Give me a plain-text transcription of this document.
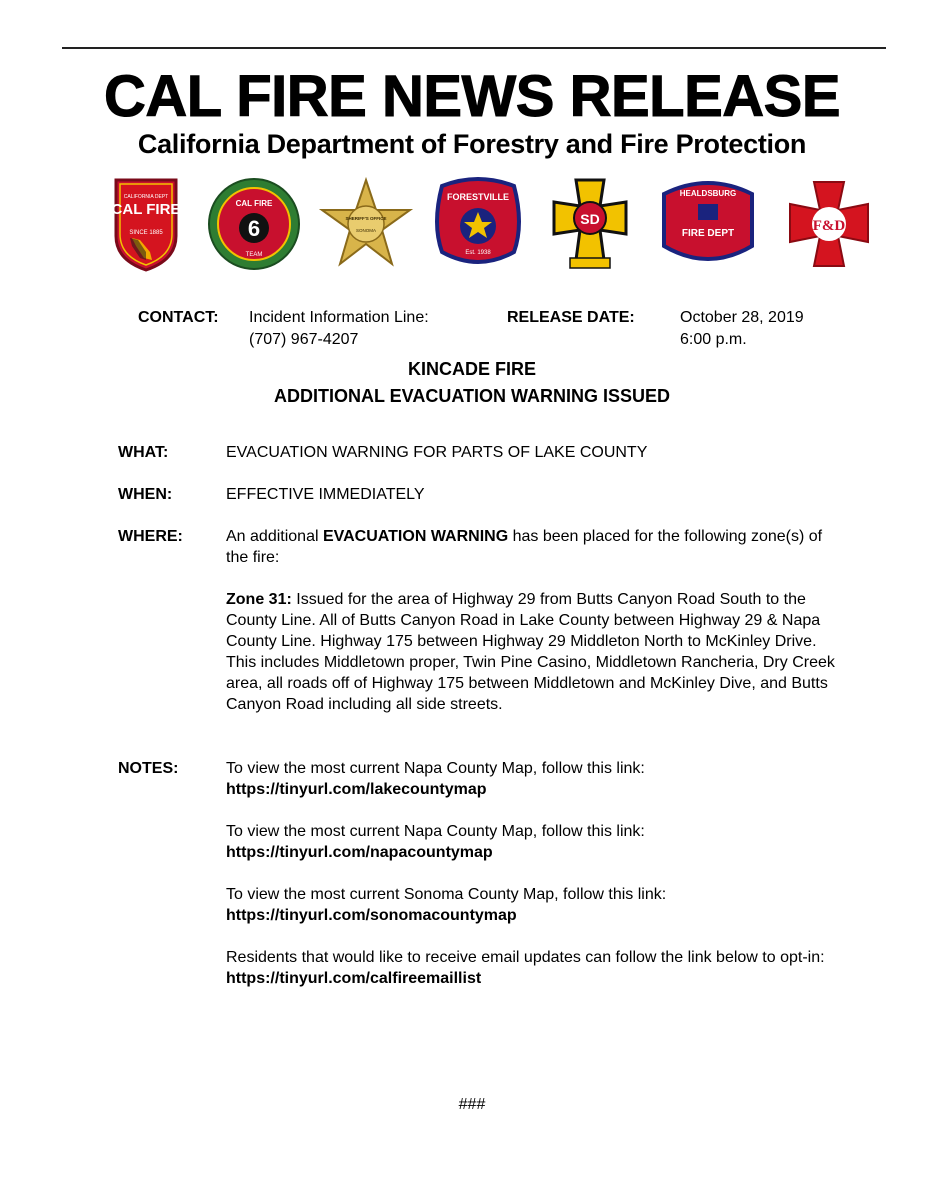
CAL FIRE NEWS RELEASE
California Department of Forestry and Fire Protection
CALIFORNIA DEPT
CAL FIRE
SINCE 1885
CAL FIRE
6
TEAM
SHERIFF'S OFFICE
SONOMA
FORESTVILLE
Est. 1938
SD
HEALDSBURG
FIRE DEPT	F&D
CONTACT: Incident Information Line:
(707) 967-4207
RELEASE DATE:	October 28, 2019
6:00 p.m.
KINCADE FIRE
ADDITIONAL EVACUATION WARNING ISSUED
WHAT:	EVACUATION WARNING FOR PARTS OF LAKE COUNTY
WHEN:	EFFECTIVE IMMEDIATELY
WHERE:	An additional EVACUATION WARNING has been placed for the following zone(s) of the fire:
Zone 31: Issued for the area of Highway 29 from Butts Canyon Road South to the County Line. All of Butts Canyon Road in Lake County between Highway 29 & Napa County Line. Highway 175 between Highway 29 Middleton North to McKinley Drive. This includes Middletown proper, Twin Pine Casino, Middletown Rancheria, Dry Creek area, all roads off of Highway 175 between Middletown and McKinley Dive, and Butts Canyon Road including all side streets.
NOTES:	To view the most current Napa County Map, follow this link:
https://tinyurl.com/lakecountymap
To view the most current Napa County Map, follow this link:
https://tinyurl.com/napacountymap
To view the most current Sonoma County Map, follow this link:
https://tinyurl.com/sonomacountymap
Residents that would like to receive email updates can follow the link below to opt-in: https://tinyurl.com/calfireemaillist
###
